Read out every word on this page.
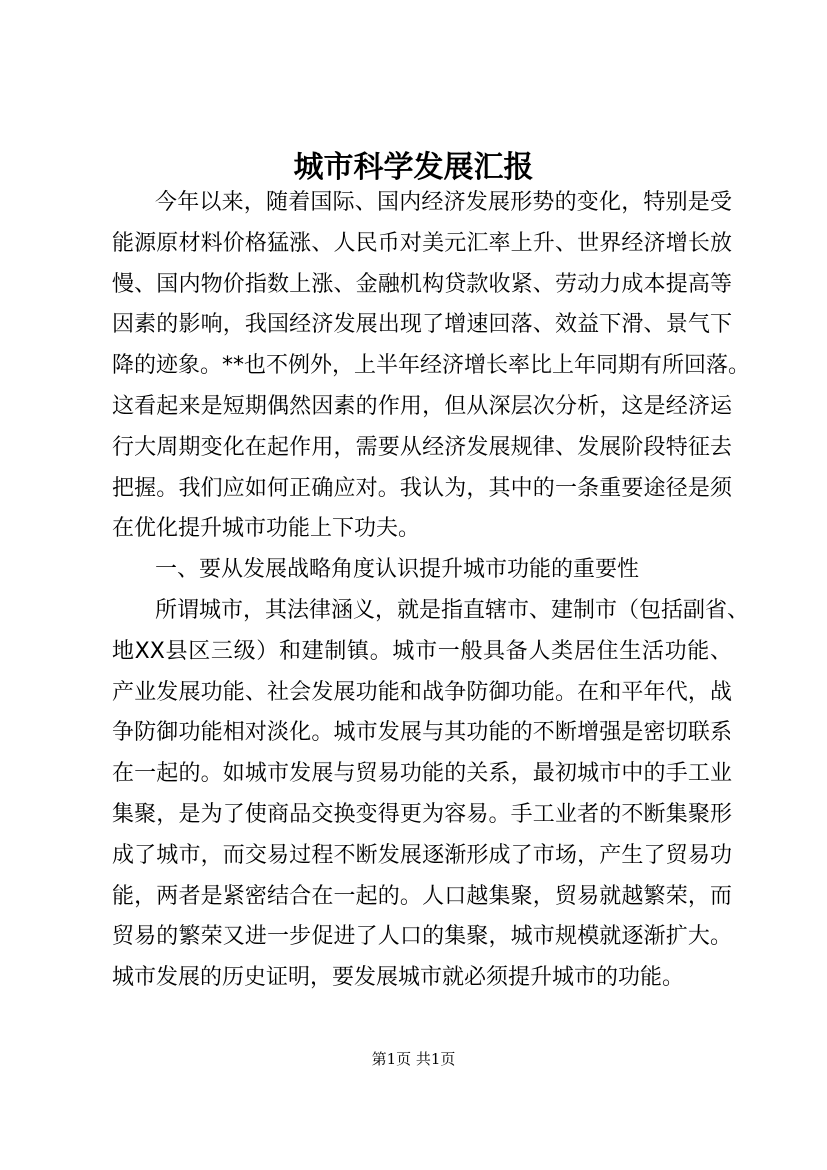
城市科学发展汇报
今年以来，随着国际、国内经济发展形势的变化，特别是受
能源原材料价格猛涨、人民币对美元汇率上升、世界经济增长放
慢、国内物价指数上涨、金融机构贷款收紧、劳动力成本提高等
因素的影响，我国经济发展出现了增速回落、效益下滑、景气下
降的迹象。**也不例外，上半年经济增长率比上年同期有所回落。
这看起来是短期偶然因素的作用，但从深层次分析，这是经济运
行大周期变化在起作用，需要从经济发展规律、发展阶段特征去
把握。我们应如何正确应对。我认为，其中的一条重要途径是须
在优化提升城市功能上下功夫。
一、要从发展战略角度认识提升城市功能的重要性
所谓城市，其法律涵义，就是指直辖市、建制市（包括副省、
地XX县区三级）和建制镇。城市一般具备人类居住生活功能、
产业发展功能、社会发展功能和战争防御功能。在和平年代，战
争防御功能相对淡化。城市发展与其功能的不断增强是密切联系
在一起的。如城市发展与贸易功能的关系，最初城市中的手工业
集聚，是为了使商品交换变得更为容易。手工业者的不断集聚形
成了城市，而交易过程不断发展逐渐形成了市场，产生了贸易功
能，两者是紧密结合在一起的。人口越集聚，贸易就越繁荣，而
贸易的繁荣又进一步促进了人口的集聚，城市规模就逐渐扩大。
城市发展的历史证明，要发展城市就必须提升城市的功能。
第1页 共1页
